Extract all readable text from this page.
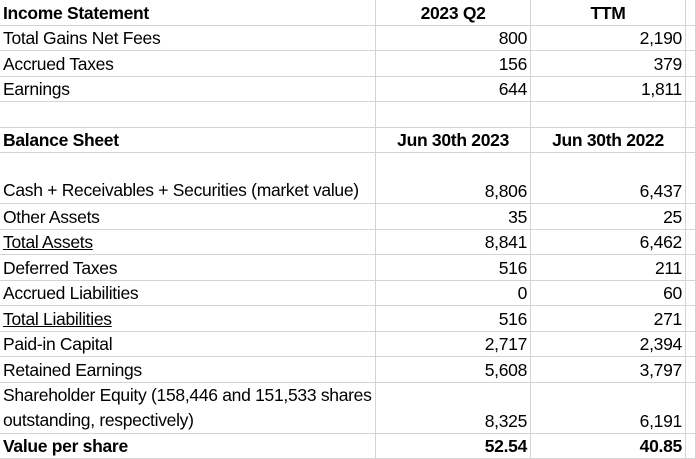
Income Statement	2023 Q2	TTM	
Total Gains Net Fees	800	2,190	
Accrued Taxes	156	379	
Earnings	644	1,811	

Balance Sheet	Jun 30th 2023	Jun 30th 2022	
Cash + Receivables + Securities (market value)	8,806	6,437	
Other Assets	35	25	
Total Assets	8,841	6,462	
Deferred Taxes	516	211	
Accrued Liabilities	0	60	
Total Liabilities	516	271	
Paid-in Capital	2,717	2,394	
Retained Earnings	5,608	3,797	
Shareholder Equity (158,446 and 151,533 shares outstanding, respectively)	8,325	6,191	
Value per share	52.54	40.85	
